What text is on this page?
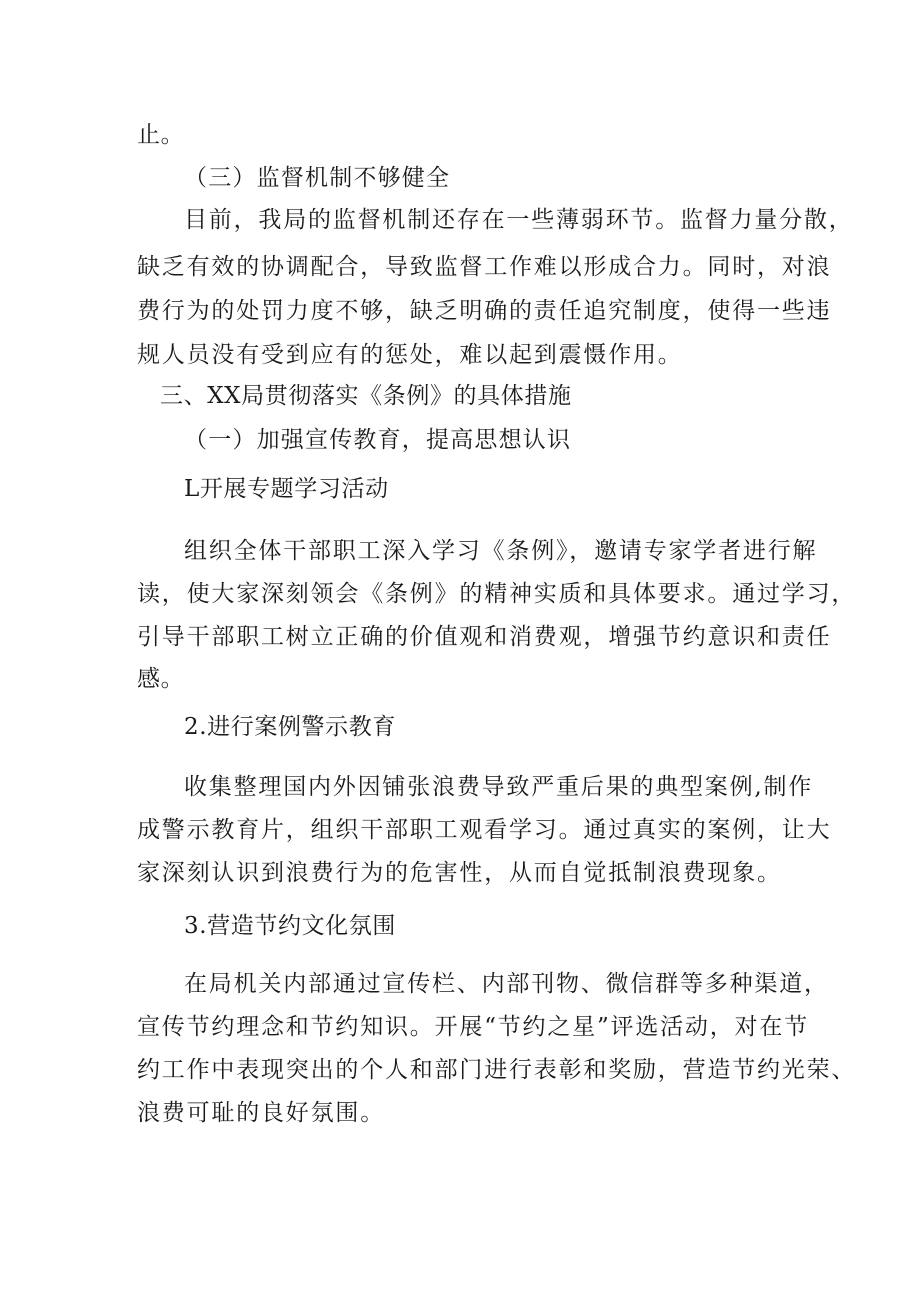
止。
（三）监督机制不够健全
目前，我局的监督机制还存在一些薄弱环节。监督力量分散，
缺乏有效的协调配合，导致监督工作难以形成合力。同时，对浪
费行为的处罚力度不够，缺乏明确的责任追究制度，使得一些违
规人员没有受到应有的惩处，难以起到震慑作用。
三、XX局贯彻落实《条例》的具体措施
（一）加强宣传教育，提高思想认识
L开展专题学习活动
组织全体干部职工深入学习《条例》，邀请专家学者进行解
读，使大家深刻领会《条例》的精神实质和具体要求。通过学习，
引导干部职工树立正确的价值观和消费观，增强节约意识和责任
感。
2.进行案例警示教育
收集整理国内外因铺张浪费导致严重后果的典型案例,制作
成警示教育片，组织干部职工观看学习。通过真实的案例，让大
家深刻认识到浪费行为的危害性，从而自觉抵制浪费现象。
3.营造节约文化氛围
在局机关内部通过宣传栏、内部刊物、微信群等多种渠道，
宣传节约理念和节约知识。开展“节约之星”评选活动，对在节
约工作中表现突出的个人和部门进行表彰和奖励，营造节约光荣、
浪费可耻的良好氛围。
